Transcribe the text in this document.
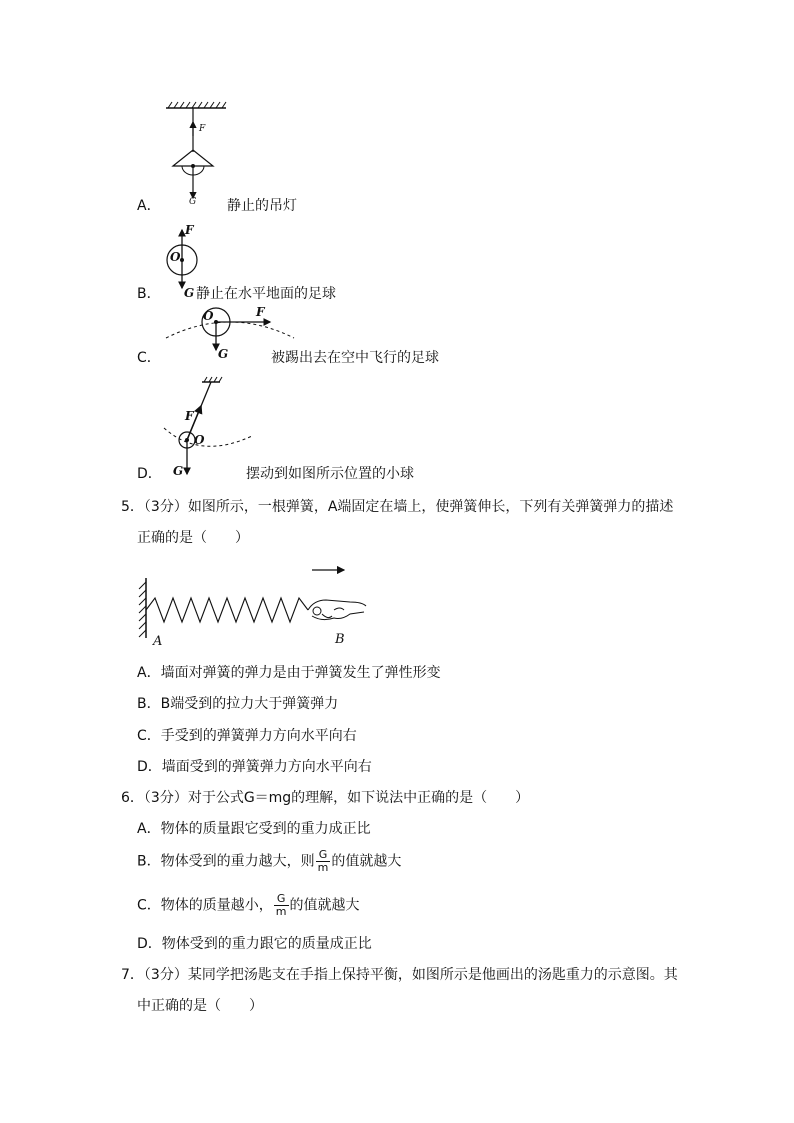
F
G
A．	静止的吊灯
F
O
G
B．	静止在水平地面的足球
O	F
G
C．	被踢出去在空中飞行的足球
F
O
G
D．	摆动到如图所示位置的小球
5．（3分）如图所示，一根弹簧，A端固定在墙上，使弹簧伸长，下列有关弹簧弹力的描述
正确的是（　　）
A	B
A．墙面对弹簧的弹力是由于弹簧发生了弹性形变
B．B端受到的拉力大于弹簧弹力
C．手受到的弹簧弹力方向水平向右
D．墙面受到的弹簧弹力方向水平向右
6．（3分）对于公式G＝mg的理解，如下说法中正确的是（　　）
A．物体的质量跟它受到的重力成正比
B．物体受到的重力越大，则 $\frac{G}{m}$ 的值就越大
C．物体的质量越小， $\frac{G}{m}$ 的值就越大
D．物体受到的重力跟它的质量成正比
7．（3分）某同学把汤匙支在手指上保持平衡，如图所示是他画出的汤匙重力的示意图。其
中正确的是（　　）
